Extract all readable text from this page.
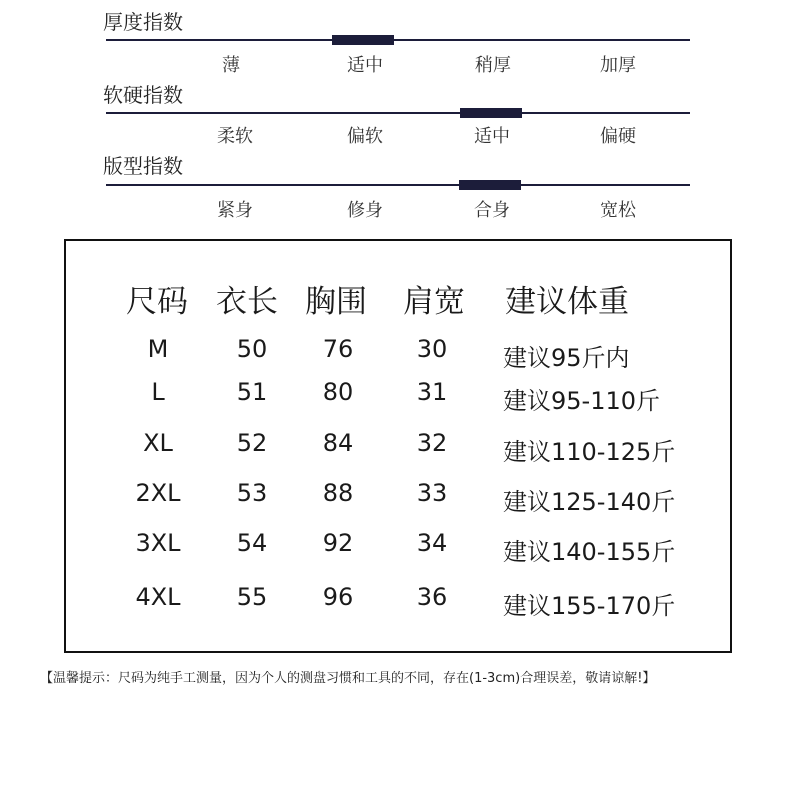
厚度指数
薄	适中	稍厚	加厚
软硬指数
柔软	偏软	适中	偏硬
版型指数
紧身	修身	合身	宽松
尺码 衣长 胸围 肩宽 建议体重
M	50	76	30	建议95斤内
L	51	80	31	建议95-110斤
XL	52	84	32	建议110-125斤
2XL	53	88	33	建议125-140斤
3XL	54	92	34	建议140-155斤
4XL	55	96	36	建议155-170斤
【温馨提示：尺码为纯手工测量，因为个人的测盘习惯和工具的不同，存在(1-3cm)合理误差，敬请谅解!】
